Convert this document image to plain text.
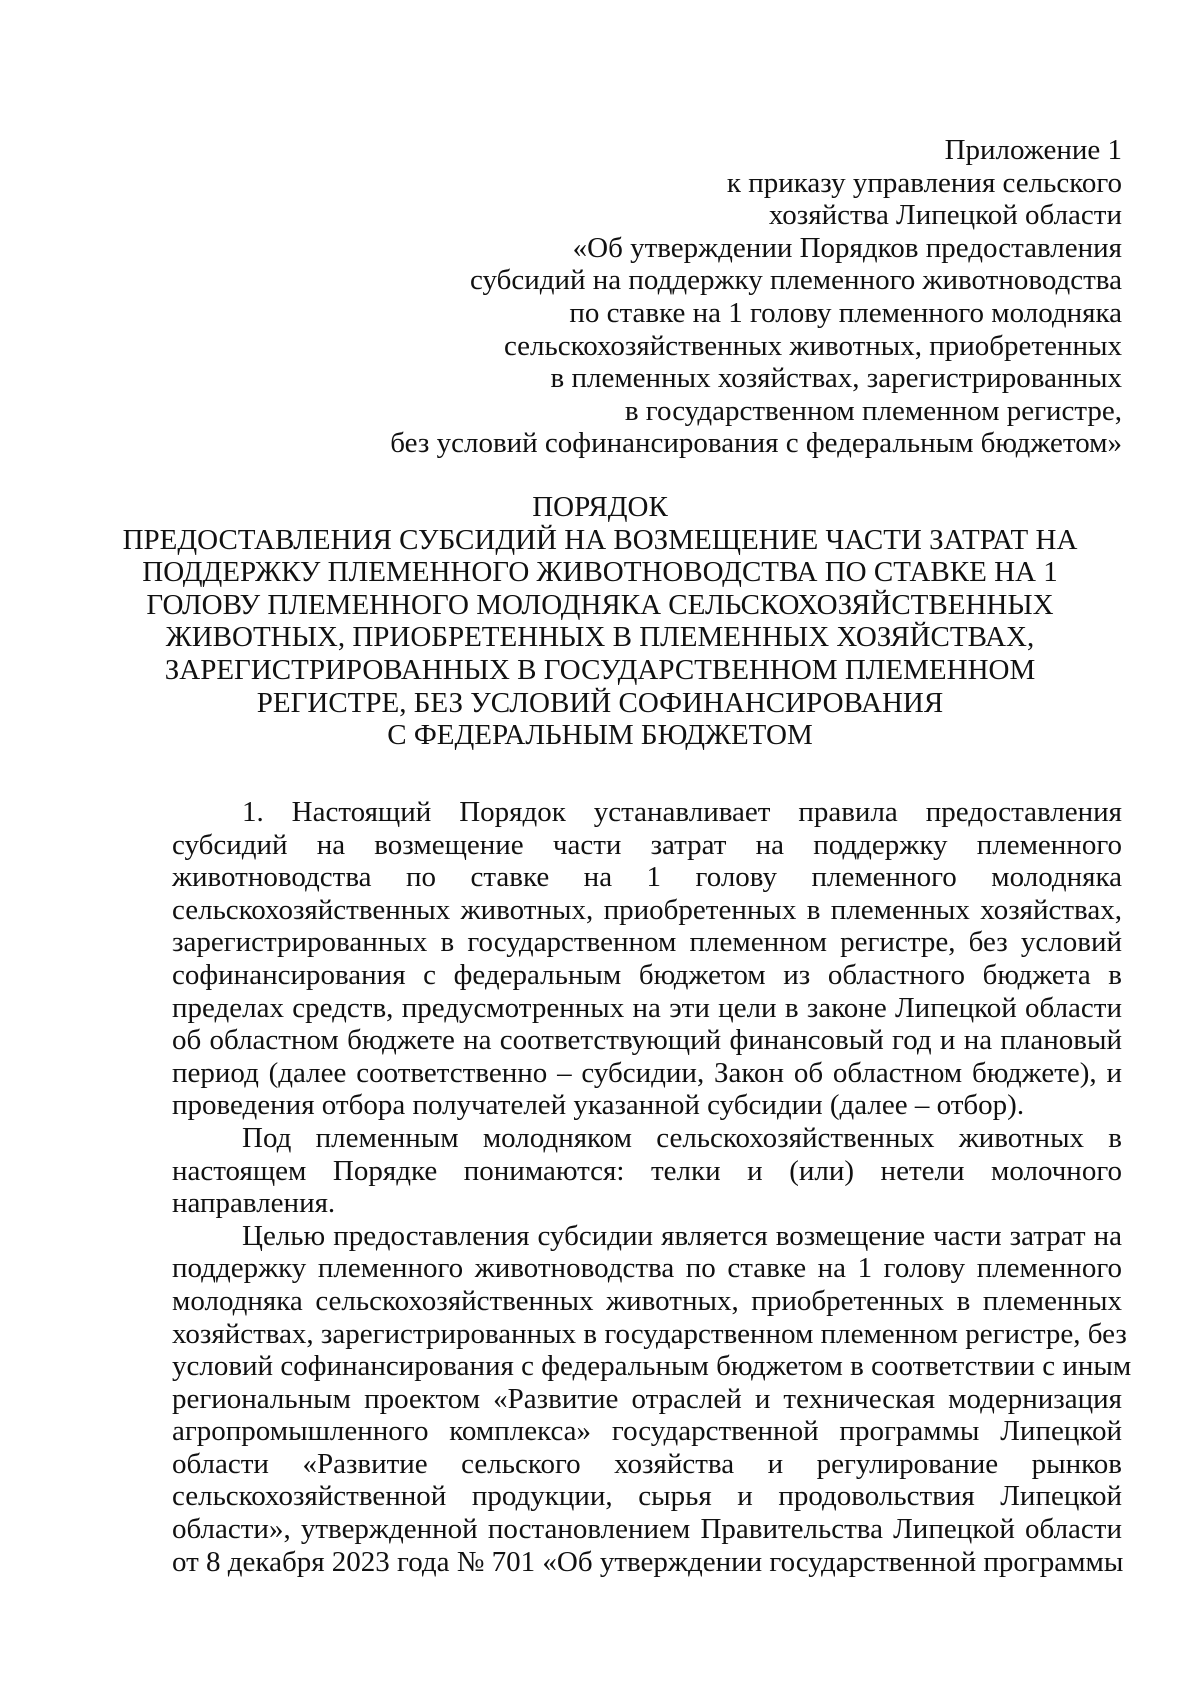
Приложение 1
к приказу управления сельского
хозяйства Липецкой области
«Об утверждении Порядков предоставления
субсидий на поддержку племенного животноводства
по ставке на 1 голову племенного молодняка
сельскохозяйственных животных, приобретенных
в племенных хозяйствах, зарегистрированных
в государственном племенном регистре,
без условий софинансирования с федеральным бюджетом»
ПОРЯДОК
ПРЕДОСТАВЛЕНИЯ СУБСИДИЙ НА ВОЗМЕЩЕНИЕ ЧАСТИ ЗАТРАТ НА
ПОДДЕРЖКУ ПЛЕМЕННОГО ЖИВОТНОВОДСТВА ПО СТАВКЕ НА 1
ГОЛОВУ ПЛЕМЕННОГО МОЛОДНЯКА СЕЛЬСКОХОЗЯЙСТВЕННЫХ
ЖИВОТНЫХ, ПРИОБРЕТЕННЫХ В ПЛЕМЕННЫХ ХОЗЯЙСТВАХ,
ЗАРЕГИСТРИРОВАННЫХ В ГОСУДАРСТВЕННОМ ПЛЕМЕННОМ
РЕГИСТРЕ, БЕЗ УСЛОВИЙ СОФИНАНСИРОВАНИЯ
С ФЕДЕРАЛЬНЫМ БЮДЖЕТОМ
1. Настоящий Порядок устанавливает правила предоставления
субсидий на возмещение части затрат на поддержку племенного
животноводства по ставке на 1 голову племенного молодняка
сельскохозяйственных животных, приобретенных в племенных хозяйствах,
зарегистрированных в государственном племенном регистре, без условий
софинансирования с федеральным бюджетом из областного бюджета в
пределах средств, предусмотренных на эти цели в законе Липецкой области
об областном бюджете на соответствующий финансовый год и на плановый
период (далее соответственно – субсидии, Закон об областном бюджете), и
проведения отбора получателей указанной субсидии (далее – отбор).
Под племенным молодняком сельскохозяйственных животных в
настоящем Порядке понимаются: телки и (или) нетели молочного
направления.
Целью предоставления субсидии является возмещение части затрат на
поддержку племенного животноводства по ставке на 1 голову племенного
молодняка сельскохозяйственных животных, приобретенных в племенных
хозяйствах, зарегистрированных в государственном племенном регистре, без
условий софинансирования с федеральным бюджетом в соответствии с иным
региональным проектом «Развитие отраслей и техническая модернизация
агропромышленного комплекса» государственной программы Липецкой
области «Развитие сельского хозяйства и регулирование рынков
сельскохозяйственной продукции, сырья и продовольствия Липецкой
области», утвержденной постановлением Правительства Липецкой области
от 8 декабря 2023 года № 701 «Об утверждении государственной программы
